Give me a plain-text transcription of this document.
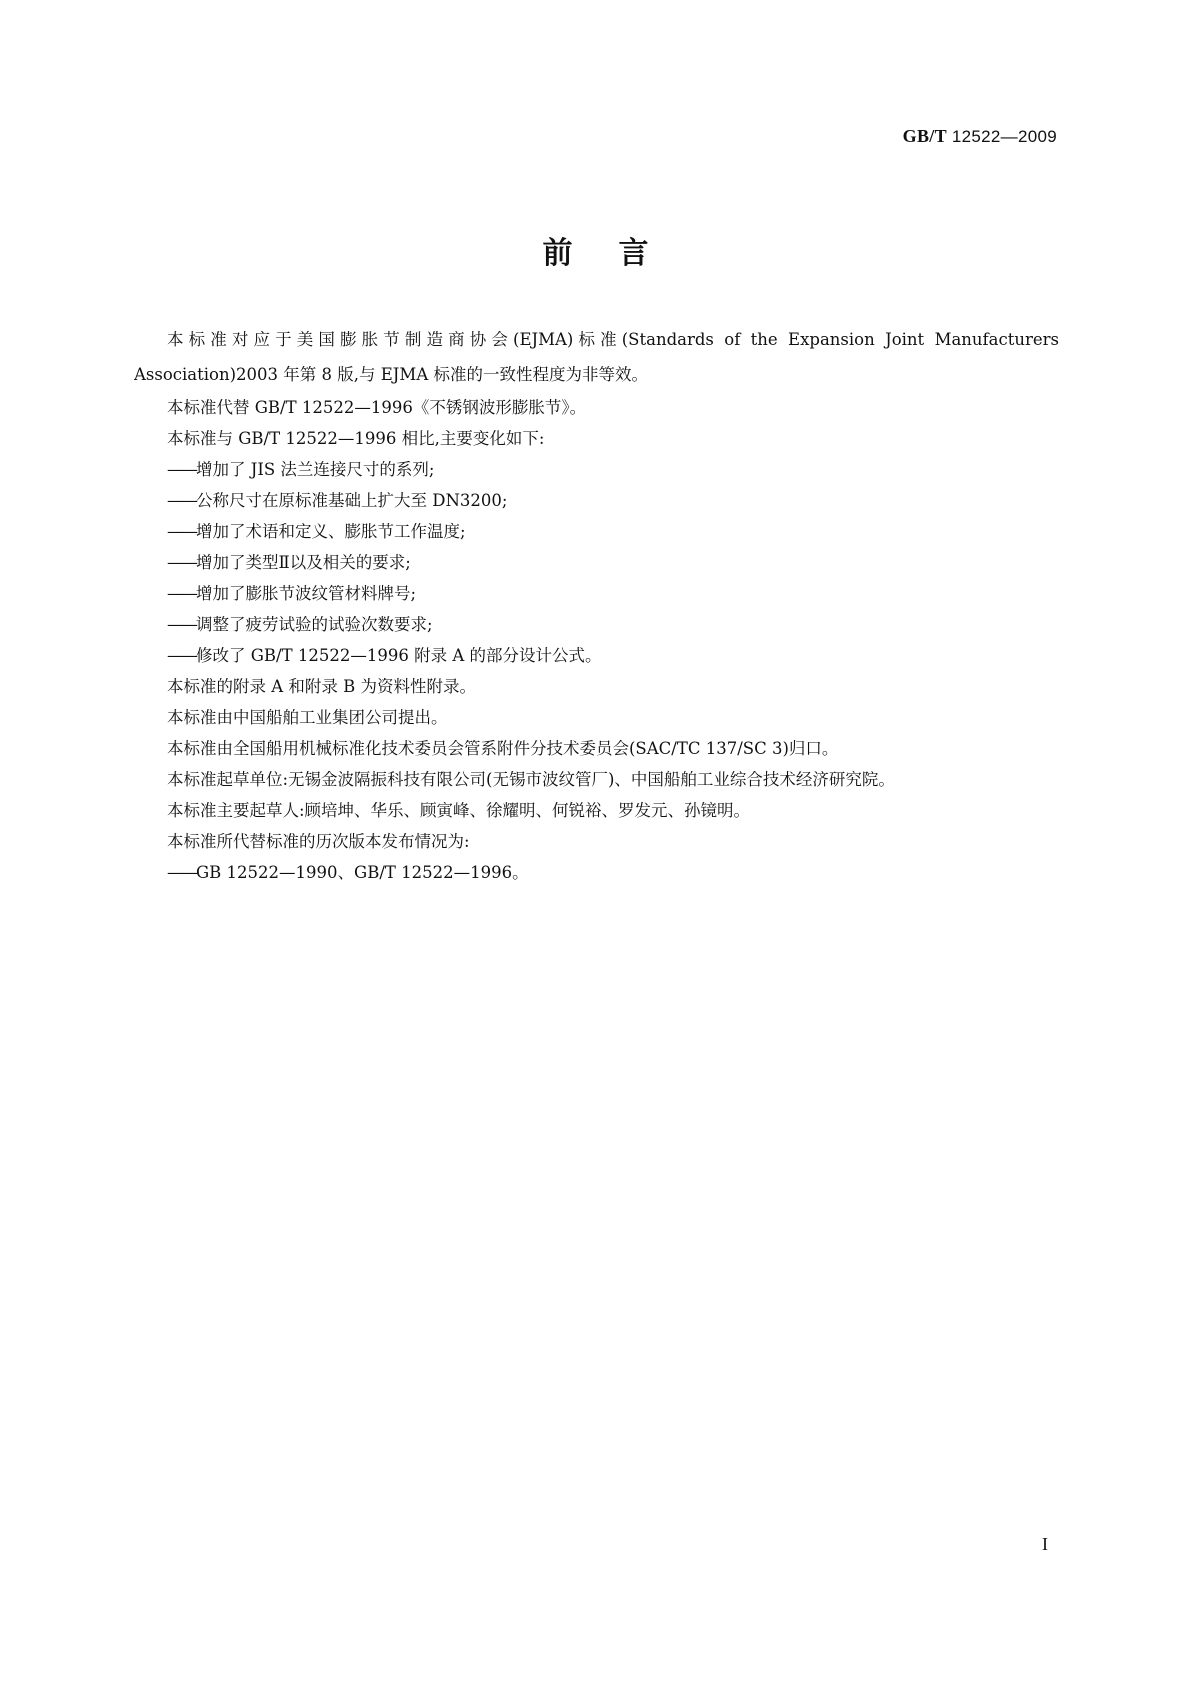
GB/T 12522—2009
前言

本标准对应于美国膨胀节制造商协会(EJMA)标准(Standards of the Expansion Joint Manufacturers Association)2003 年第 8 版,与 EJMA 标准的一致性程度为非等效。

本标准代替 GB/T 12522—1996《不锈钢波形膨胀节》。

本标准与 GB/T 12522—1996 相比,主要变化如下:

——增加了 JIS 法兰连接尺寸的系列;

——公称尺寸在原标准基础上扩大至 DN3200;

——增加了术语和定义、膨胀节工作温度;

——增加了类型Ⅱ以及相关的要求;

——增加了膨胀节波纹管材料牌号;

——调整了疲劳试验的试验次数要求;

——修改了 GB/T 12522—1996 附录 A 的部分设计公式。

本标准的附录 A 和附录 B 为资料性附录。

本标准由中国船舶工业集团公司提出。

本标准由全国船用机械标准化技术委员会管系附件分技术委员会(SAC/TC 137/SC 3)归口。

本标准起草单位:无锡金波隔振科技有限公司(无锡市波纹管厂)、中国船舶工业综合技术经济研究院。

本标准主要起草人:顾培坤、华乐、顾寅峰、徐耀明、何锐裕、罗发元、孙镜明。

本标准所代替标准的历次版本发布情况为:

——GB 12522—1990、GB/T 12522—1996。

I
